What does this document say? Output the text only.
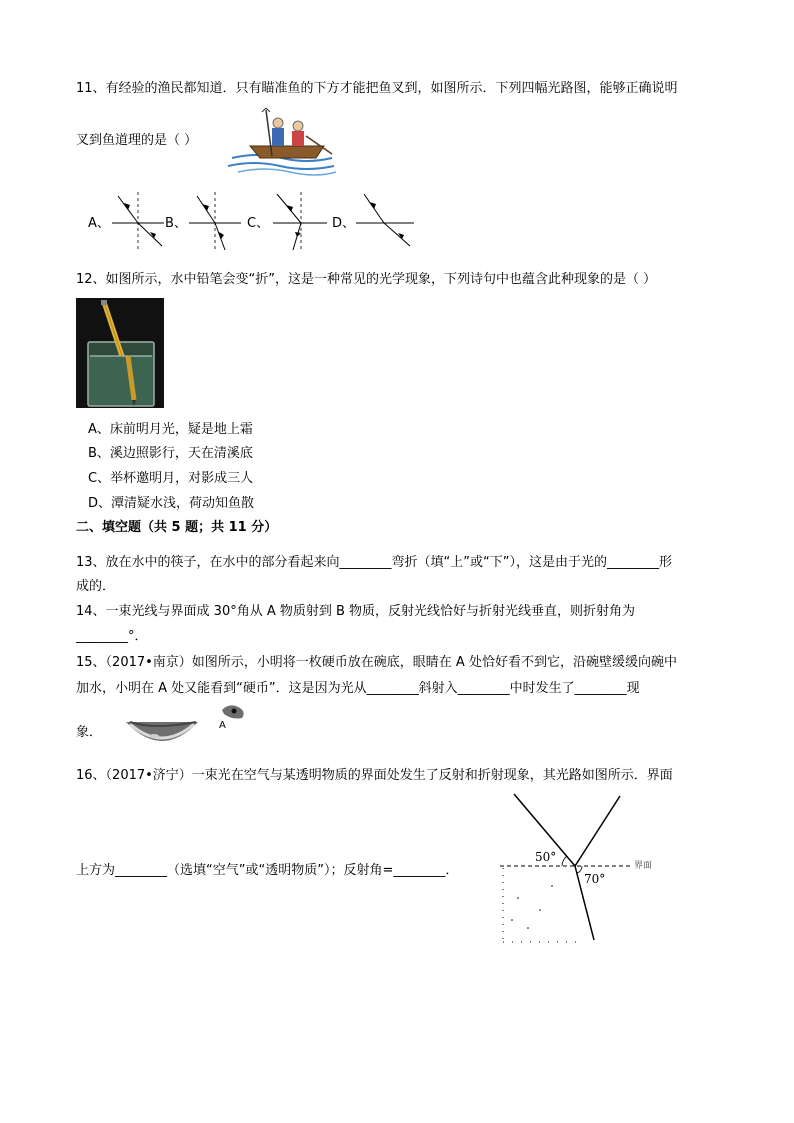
11、有经验的渔民都知道．只有瞄准鱼的下方才能把鱼叉到，如图所示．下列四幅光路图，能够正确说明
叉到鱼道理的是（ ）
A、	B、	C、	D、
12、如图所示，水中铅笔会变“折”，这是一种常见的光学现象，下列诗句中也蕴含此种现象的是（ ）
A、床前明月光，疑是地上霜
B、溪边照影行，天在清溪底
C、举杯邀明月，对影成三人
D、潭清疑水浅，荷动知鱼散
二、填空题（共 5 题；共 11 分）
13、放在水中的筷子，在水中的部分看起来向________弯折（填“上”或“下”），这是由于光的________形
成的．
14、一束光线与界面成 30°角从 A 物质射到 B 物质，反射光线恰好与折射光线垂直，则折射角为
________°．
15、（2017•南京）如图所示，小明将一枚硬币放在碗底，眼睛在 A 处恰好看不到它，沿碗壁缓缓向碗中
加水，小明在 A 处又能看到“硬币”．这是因为光从________斜射入________中时发生了________现
象．	A
16、（2017•济宁）一束光在空气与某透明物质的界面处发生了反射和折射现象，其光路如图所示．界面
上方为________（选填“空气”或“透明物质”）；反射角=________．
50°
70°
界面
